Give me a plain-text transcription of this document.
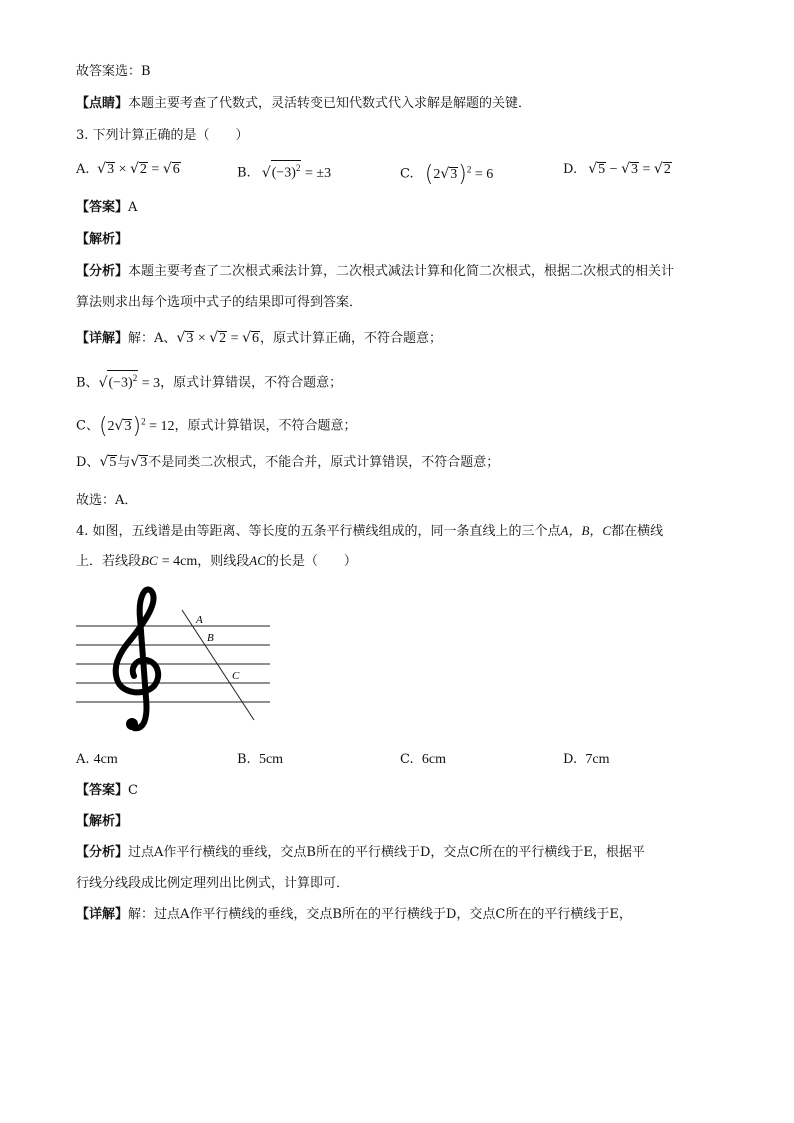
故答案选：B
【点睛】本题主要考查了代数式，灵活转变已知代数式代入求解是解题的关键．
3. 下列计算正确的是（　　）
A. √3 × √2 = √6	B. $√(-3)^2 = \pm 3$	C. $(2√3)^2 = 6$	D. √5 − √3 = √2
【答案】A
【解析】
【分析】本题主要考查了二次根式乘法计算，二次根式减法计算和化简二次根式，根据二次根式的相关计
算法则求出每个选项中式子的结果即可得到答案．
【详解】解：A、√3 × √2 = √6，原式计算正确，不符合题意；
B、$√(-3)^2 = 3$，原式计算错误，不符合题意；
C、$(2√3)^2 = 12$，原式计算错误，不符合题意；
D、√5与√3不是同类二次根式，不能合并，原式计算错误，不符合题意；
故选：A．
4. 如图，五线谱是由等距离、等长度的五条平行横线组成的，同一条直线上的三个点A，B，C都在横线
上．若线段BC = 4cm，则线段AC的长是（　　）
A
B
C
A. 4cm	B. 5cm	C. 6cm	D. 7cm
【答案】C
【解析】
【分析】过点A作平行横线的垂线，交点B所在的平行横线于D，交点C所在的平行横线于E，根据平
行线分线段成比例定理列出比例式，计算即可．
【详解】解：过点A作平行横线的垂线，交点B所在的平行横线于D，交点C所在的平行横线于E，
